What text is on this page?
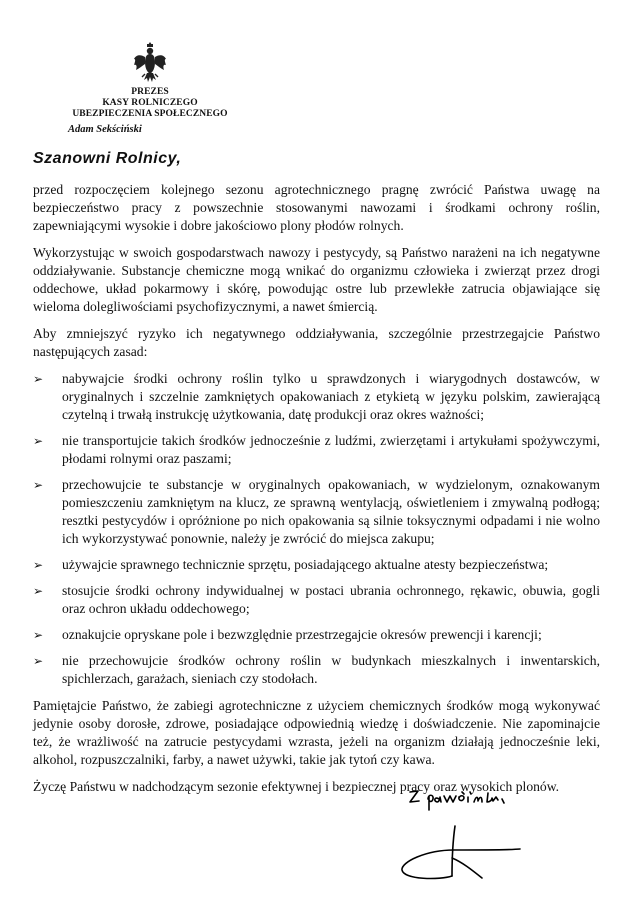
PREZES
KASY ROLNICZEGO
UBEZPIECZENIA SPOŁECZNEGO
Adam Sekściński
Szanowni Rolnicy,

przed rozpoczęciem kolejnego sezonu agrotechnicznego pragnę zwrócić Państwa uwagę na bezpieczeństwo pracy z powszechnie stosowanymi nawozami i środkami ochrony roślin, zapewniającymi wysokie i dobre jakościowo plony płodów rolnych.

Wykorzystując w swoich gospodarstwach nawozy i pestycydy, są Państwo narażeni na ich negatywne oddziaływanie. Substancje chemiczne mogą wnikać do organizmu człowieka i zwierząt przez drogi oddechowe, układ pokarmowy i skórę, powodując ostre lub przewlekłe zatrucia objawiające się wieloma dolegliwościami psychofizycznymi, a nawet śmiercią.

Aby zmniejszyć ryzyko ich negatywnego oddziaływania, szczególnie przestrzegajcie Państwo następujących zasad:

➢ nabywajcie środki ochrony roślin tylko u sprawdzonych i wiarygodnych dostawców, w oryginalnych i szczelnie zamkniętych opakowaniach z etykietą w języku polskim, zawierającą czytelną i trwałą instrukcję użytkowania, datę produkcji oraz okres ważności;
➢ nie transportujcie takich środków jednocześnie z ludźmi, zwierzętami i artykułami spożywczymi, płodami rolnymi oraz paszami;
➢ przechowujcie te substancje w oryginalnych opakowaniach, w wydzielonym, oznakowanym pomieszczeniu zamkniętym na klucz, ze sprawną wentylacją, oświetleniem i zmywalną podłogą; resztki pestycydów i opróżnione po nich opakowania są silnie toksycznymi odpadami i nie wolno ich wykorzystywać ponownie, należy je zwrócić do miejsca zakupu;
➢ używajcie sprawnego technicznie sprzętu, posiadającego aktualne atesty bezpieczeństwa;
➢ stosujcie środki ochrony indywidualnej w postaci ubrania ochronnego, rękawic, obuwia, gogli oraz ochron układu oddechowego;
➢ oznakujcie opryskane pole i bezwzględnie przestrzegajcie okresów prewencji i karencji;
➢ nie przechowujcie środków ochrony roślin w budynkach mieszkalnych i inwentarskich, spichlerzach, garażach, sieniach czy stodołach.

Pamiętajcie Państwo, że zabiegi agrotechniczne z użyciem chemicznych środków mogą wykonywać jedynie osoby dorosłe, zdrowe, posiadające odpowiednią wiedzę i doświadczenie. Nie zapominajcie też, że wrażliwość na zatrucie pestycydami wzrasta, jeżeli na organizm działają jednocześnie leki, alkohol, rozpuszczalniki, farby, a nawet używki, takie jak tytoń czy kawa.

Życzę Państwu w nadchodzącym sezonie efektywnej i bezpiecznej pracy oraz wysokich plonów.
